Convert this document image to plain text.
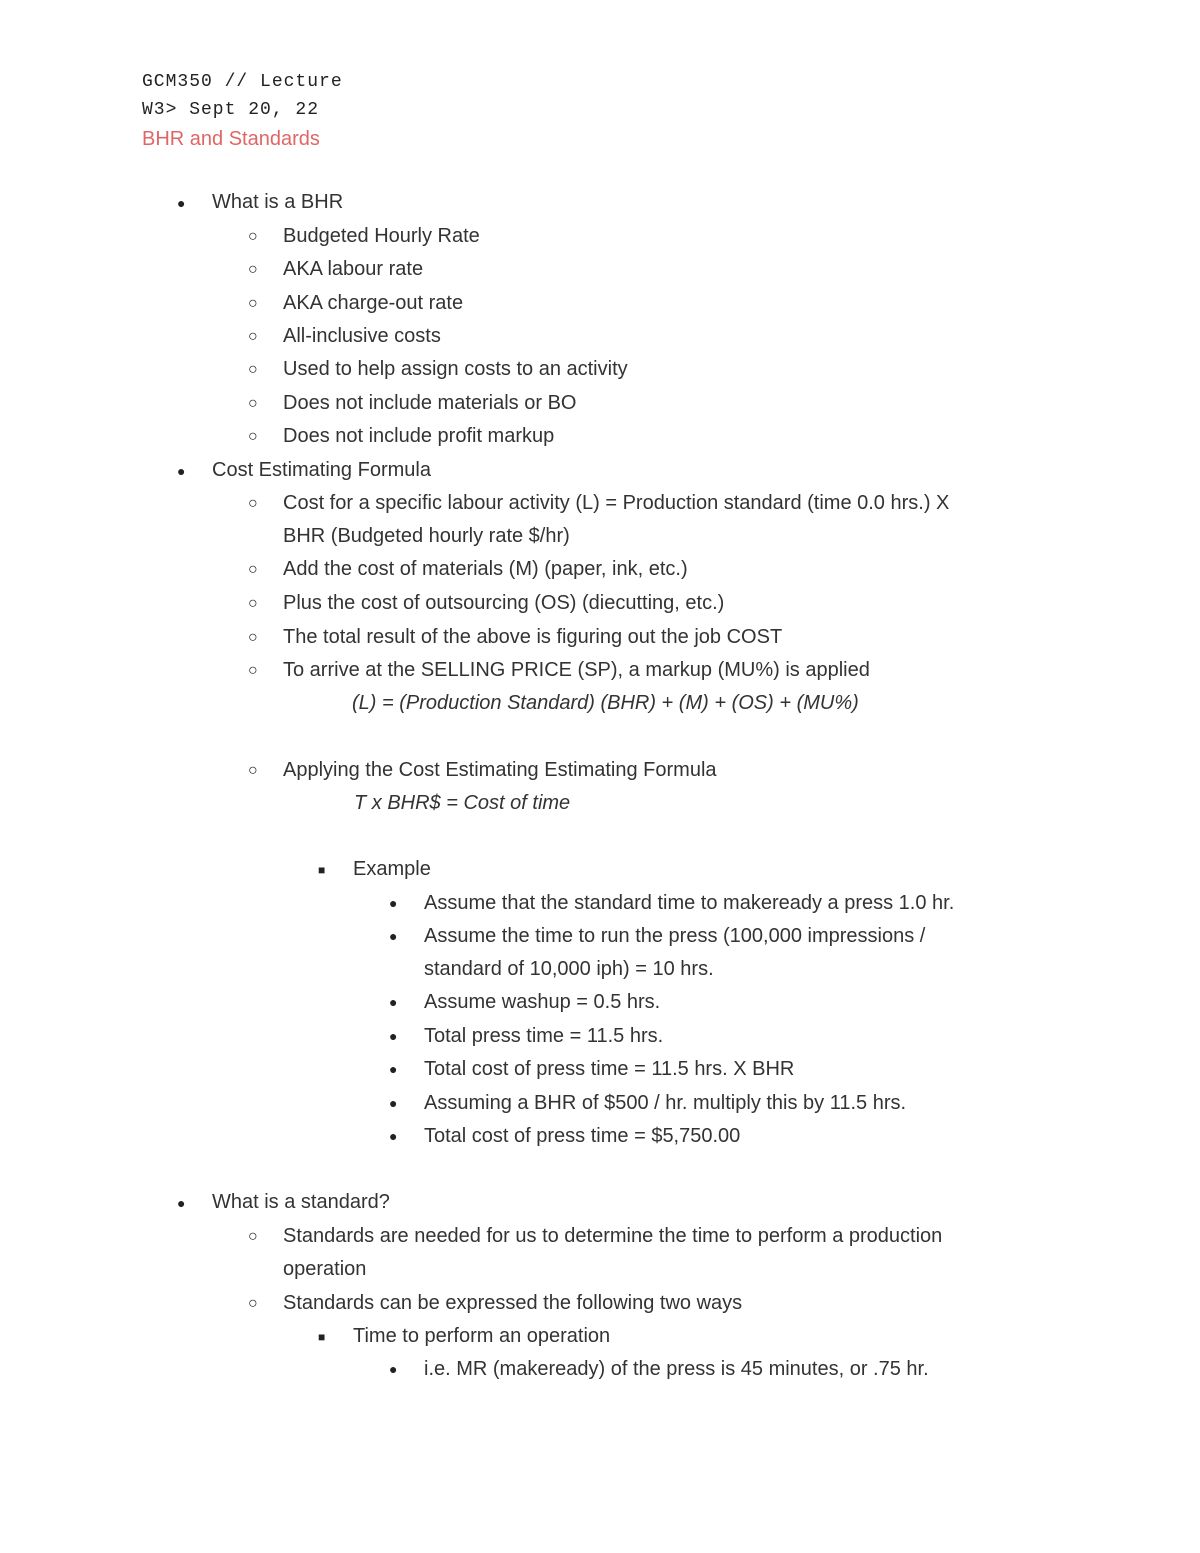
GCM350 // Lecture
W3> Sept 20, 22
BHR and Standards
● What is a BHR
○ Budgeted Hourly Rate
○ AKA labour rate
○ AKA charge-out rate
○ All-inclusive costs
○ Used to help assign costs to an activity
○ Does not include materials or BO
○ Does not include profit markup
● Cost Estimating Formula
○ Cost for a specific labour activity (L) = Production standard (time 0.0 hrs.) X
BHR (Budgeted hourly rate $/hr)
○ Add the cost of materials (M) (paper, ink, etc.)
○ Plus the cost of outsourcing (OS) (diecutting, etc.)
○ The total result of the above is figuring out the job COST
○ To arrive at the SELLING PRICE (SP), a markup (MU%) is applied
(L) = (Production Standard) (BHR) + (M) + (OS) + (MU%)
○ Applying the Cost Estimating Estimating Formula
T x BHR$ = Cost of time
■ Example
● Assume that the standard time to makeready a press 1.0 hr.
● Assume the time to run the press (100,000 impressions /
standard of 10,000 iph) = 10 hrs.
● Assume washup = 0.5 hrs.
● Total press time = 11.5 hrs.
● Total cost of press time = 11.5 hrs. X BHR
● Assuming a BHR of $500 / hr. multiply this by 11.5 hrs.
● Total cost of press time = $5,750.00
● What is a standard?
○ Standards are needed for us to determine the time to perform a production
operation
○ Standards can be expressed the following two ways
■ Time to perform an operation
● i.e. MR (makeready) of the press is 45 minutes, or .75 hr.
